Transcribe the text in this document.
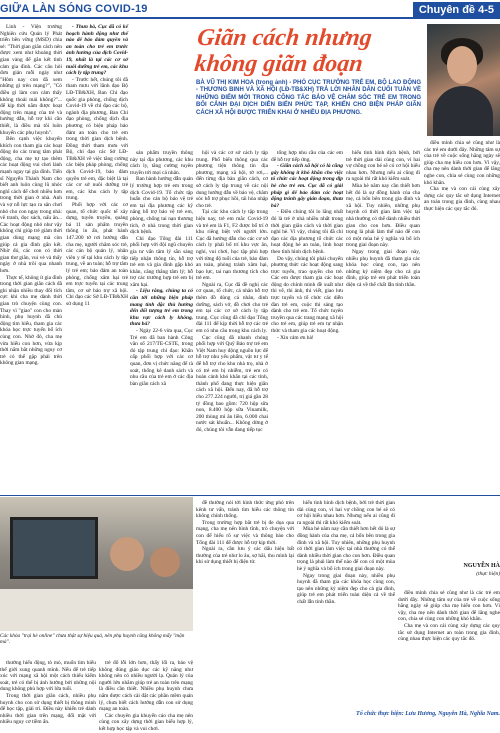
GIỮA LÀN SÓNG COVID-19	Chuyên đề 4-5

Linh - Viện trưởng Nghiên cứu Quản lý Phát triển bền vững (MSD) chia sẻ: "Thời gian giãn cách nên được xem như khoảng thời gian vàng để gắn kết tình cảm gia đình. Các câu hỏi đơn giản mỗi ngày như "Hôm nay con đã xem những gì trên mạng?", "Có điều gì làm con cảm thấy không thoải mái không?"... để kịp thời nắm được hoạt động trên mạng của trẻ và hướng dẫn, hỗ trợ khi cần thiết, là điều mà tôi luôn khuyến các phụ huynh".

Bên cạnh việc khuyến khích con tham gia các hoạt động do các trung tâm phát động, cha mẹ tự tạo thêm các hoạt động vui chơi lành mạnh ngay tại gia đình. Tiến sĩ Nguyễn Thành Nam cho biết anh luôn cùng lũ nhóc nghĩ cách để chơi nhiều hơn trong thời gian ở nhà. Anh và vợ nỗ lực tạo ra sân chơi nhỏ cho con ngay trong nhà: vẽ tranh, đọc sách, nấu ăn... Các hoạt động nhỏ như vậy không chỉ giúp trẻ giảm thời gian dùng mạng mà còn giúp cả gia đình gắn kết. Nhờ đó, các con có thời gian thư giãn, vui vẻ và thấy ngày ở nhà trôi qua nhanh hơn.

Thực tế, không ít gia đình trong thời gian giãn cách đã ghi nhận nhiều thay đổi tích cực khi cha mẹ dành thời gian trò chuyện cùng con. Thay vì "giao" con cho màn hình, phụ huynh đã chủ động tìm hiểu, tham gia các khóa học trực tuyến bổ ích cùng con. Nhờ đó, cha mẹ vừa hiểu con hơn, vừa kịp thời nắm bắt những nguy cơ trẻ có thể gặp phải trên không gian mạng.

- Thưa bà, Cục đã có kế hoạch hành động như thế nào để bảo đảm quyền và an toàn cho trẻ em trước ảnh hưởng của dịch Covid-19, nhất là tại các cơ sở nuôi dưỡng trẻ em, các khu cách ly tập trung?

- Trước hết, chúng tôi đã tham mưu với lãnh đạo Bộ LĐ-TB&XH, Ban Chỉ đạo quốc gia phòng, chống dịch Covid-19 về chỉ đạo các bộ, ngành địa phương, Ban Chỉ đạo phòng, chống dịch địa phương có biện pháp bảo đảm an toàn cho trẻ em trong thời gian dịch bệnh. Đồng thời tham mưu với Bộ, chỉ đạo các Sở LĐ-TB&XH về việc tăng cường các biện pháp phòng, chống dịch Covid-19, bảo đảm quyền trẻ em, đặc biệt là tại các cơ sở nuôi dưỡng trẻ em, các khu cách ly tập trung.

Phối hợp với các cơ quan, tổ chức quốc tế xây dựng, tuyên truyền, quảng bá 11 sản phẩm truyền thông in ấn, phát hành 147.200 tờ rơi hướng dẫn cha mẹ, người chăm sóc trẻ, các cán bộ quản lý, nhân viên y tế tại khu cách ly tập trung, về an toàn; hỗ trợ tâm lý trẻ em; bảo đảm an toàn phòng, chống xâm hại trẻ em trực tuyến tại các trung tâm, cơ sở bảo trợ xã hội. Chỉ đạo các Sở LĐ-TB&XH sử dụng 11

Giãn cách nhưng không giãn đoạn
BÀ VŨ THỊ KIM HOA (trong ảnh) - PHÓ CỤC TRƯỞNG TRẺ EM, BỘ LAO ĐỘNG - THƯƠNG BINH VÀ XÃ HỘI (LĐ-TB&XH) TRẢ LỜI NHÂN DÂN CUỐI TUẦN VỀ NHỮNG ĐIỂM MỚI TRONG CÔNG TÁC BẢO VỆ CHĂM SÓC TRẺ EM TRONG BỐI CẢNH ĐẠI DỊCH DIỄN BIẾN PHỨC TẠP, KHIẾN CHO BIỆN PHÁP GIÃN CÁCH XÃ HỘI ĐƯỢC TRIỂN KHAI Ở NHIỀU ĐỊA PHƯƠNG.

sản phẩm truyền thông này tại địa phương, các khu cách ly, tăng cường tuyên truyền tới mọi cá nhân.

Ban hành hướng dẫn quản lý trường hợp trẻ em trong dịch Covid-19. Tổ chức tập huấn cho cán bộ bảo vệ trẻ em tại địa phương các kỹ năng hỗ trợ bảo vệ trẻ em, phòng, chống tai nạn thương tích, ở nhà trong thời gian dịch bệnh.

Chỉ đạo Tổng đài 111 phối hợp với đội ngũ chuyên gia tư vấn tâm lý sẵn sàng tiếp nhận thông tin, hỗ trợ trẻ em và gia đình gặp khó khăn, căng thẳng tâm lý; hỗ trợ các trường hợp trẻ em bị xâm hại.

- Liệu rằng, chúng ta có cần tới những biện pháp mang tính đặc thù hướng đến đối tượng trẻ em trong khu vực cách ly không, thưa bà?

- Ngày 22-6 vừa qua, Cục Trẻ em đã ban hành Công văn số 217/TE-CSTE, trong đó tập trung chỉ đạo: Khẩn cấp phối hợp với các cơ quan, đơn vị chức năng để rà soát, thống kê danh sách và nhu cầu của trẻ em ở các địa bàn giãn cách xã

hội và các cơ sở cách ly tập trung. Phổ biến thông qua các phương tiện thông tin địa phương, mạng xã hội, tờ rơi,... đến từng địa bàn giãn cách, cơ sở cách ly tập trung về các nội dung hướng dẫn về bảo vệ, chăm sóc hỗ trợ phục hồi, tái hòa nhập cho trẻ.

Tại các khu cách ly tập trung hiện nay, trẻ em mắc Covid-19 và trẻ em là F1, F2 được bố trí ở khu riêng biệt với người lớn. Cục đã hướng dẫn cho các cơ sở cách ly phải bố trí khu vực ăn, nghỉ, vui chơi, học tập phù hợp với từng độ tuổi của trẻ, bảo đảm an toàn, phòng tránh xâm hại, bạo lực, tai nạn thương tích cho trẻ em.

Ngoài ra, Cục đã đề nghị các cơ quan, tổ chức, cá nhân hỗ trợ thêm đồ dùng cá nhân, dinh dưỡng, sách vở, đồ chơi cho trẻ em tại các cơ sở cách ly tập trung. Cục cũng đã chỉ đạo Tổng đài 111 để kịp thời hỗ trợ các trẻ em có nhu cầu trong khu cách ly.

Cục cũng đã nhanh chóng phối hợp với Quỹ Bảo trợ trẻ em Việt Nam huy động nguồn lực để hỗ trợ nhu yếu phẩm, vật tư y tế để hỗ trợ cho khu nhà trọ, nhà ở có trẻ em bị nhiễm, trẻ em có hoàn cảnh khó khăn tại các tỉnh, thành phố đang thực hiện giãn cách xã hội. Đến nay, đã hỗ trợ cho 277.224 người, trị giá gần 28 tỷ đồng bao gồm: 720 hộp sữa non, 8.400 hộp sữa Vinamilk, 200 thùng mì ăn liền, 6.000 chai nước sát khuẩn... Không dừng ở đó, chúng tôi vẫn đang tiếp tục

tổng hợp nhu cầu của các em để hỗ trợ tiếp ứng.

- Giãn cách xã hội có là cũng gây không ít khó khăn cho việc tổ chức các hoạt động trong dịp hè cho trẻ em. Cục đã có giải pháp gì để bảo đảm các hoạt động tránh gây gián đoạn, thưa bà?

- Điều chúng tôi lo lắng nhất đó là trẻ ở nhà nhiều nhất trong thời gian giãn cách và thời gian nghỉ hè. Vì vậy, chúng tôi đã chỉ đạo các địa phương tổ chức các hoạt động hè an toàn, linh hoạt theo tình hình dịch bệnh.

Do vậy, chúng tôi phải chuyển phương thức các hoạt động sang trực tuyến, trao quyền cho trẻ. Các em được tham gia các hoạt động do chính mình đề xuất như thi vẽ, thi ảnh, thi viết, giao lưu trực tuyến và tổ chức các diễn đàn trẻ em, cuộc thi sáng tạo dành cho trẻ em. Tổ chức tuyên truyền qua các trang mạng xã hội cho trẻ em, giúp trẻ em tự nhận thức và tham gia các hoạt động.

- Xin cảm ơn bà!

hiểu tình hình dịch bệnh, bởi trẻ thời gian dài cùng con, vì hai vợ chồng con bé sẽ có cơ hội hiểu nhau hơn. Nhưng nếu ai cũng đi ra ngoài thì rất khó kiểm soát.

Mùa hè năm nay cần thiết hơn hết đó là sự đồng hành của cha mẹ, cả bốn bên trong gia đình và xã hội. Tuy nhiên, những phụ huynh có thời gian làm việc tại nhà thường có thể dành nhiều thời gian cho con hơn. Điều quan trọng là phải làm thế nào để con có một mùa hè ý nghĩa và bổ ích trong giai đoạn này.

Ngay trong giai đoạn này, nhiều phụ huynh đã tham gia các khóa học cùng con, tạo nên những kỷ niệm đẹp cho cả gia đình, giúp trẻ em phát triển toàn diện cả về thể chất lẫn tinh thần.

điều mình chia sẻ cũng như là các trẻ em dưới đây. Những tâm sự của trẻ về cuộc sống hằng ngày sẽ giúp cha mẹ hiểu con hơn. Vì vậy, cha mẹ nên dành thời gian để lắng nghe con, chia sẻ cùng con những khó khăn.

Cha mẹ và con cái cùng xây dựng các quy tắc sử dụng Internet an toàn trong gia đình, cùng nhau thực hiện các quy tắc đó.

NGUYỄN HÀ
(thực hiện)
Các khóa "trại hè online" chưa thật sự hiệu quả, nên phụ huynh cũng không mấy "mặn mà".

thường hiểu động, tò mò, muốn tìm hiểu thế giới xung quanh mình. Nếu để trẻ tiếp xúc với mạng xã hội một cách thiếu kiểm soát, trẻ có thể bị ảnh hưởng bởi những nội dung không phù hợp với lứa tuổi.

Trong thời gian giãn cách, nhiều phụ huynh cho con sử dụng thiết bị thông minh để học tập, giải trí. Điều này khiến trẻ dành nhiều thời gian trên mạng, đối mặt với nhiều nguy cơ tiềm ẩn.

trẻ đổ lỗi lớn hơn, thấy lối ra, bảo vệ không đúng giáo dục các kỹ năng như không nên có nhiều người lạ. Quản lý của người lớn nhằm giúp trẻ an toàn trên mạng là điều cần thiết. Nhiều phụ huynh chưa nắm được cách cài đặt các phần mềm quản lý, chưa biết cách hướng dẫn con sử dụng mạng an toàn.

Các chuyên gia khuyến cáo cha mẹ nên cùng con xây dựng thời gian biểu hợp lý, kết hợp học tập và vui chơi.

đề thường nói tới hình thức ứng phó trên kênh tư vấn, tránh tìm hiểu các thông tin không chính thống.

Trong trường hợp bắt trẻ bị đe dọa qua mạng, cha mẹ nên bình tĩnh, trò chuyện với con để hiểu rõ sự việc và thông báo cho Tổng đài 111 để được hỗ trợ kịp thời.

Ngoài ra, cần lưu ý các dấu hiệu bất thường của trẻ như lo âu, sợ hãi, thu mình lại khi sử dụng thiết bị điện tử.

hiểu tình hình dịch bệnh, bởi trẻ thời gian dài cùng con, vì hai vợ chồng con bé sẽ có cơ hội hiểu nhau hơn. Nhưng nếu ai cũng đi ra ngoài thì rất khó kiểm soát.

Mùa hè năm nay cần thiết hơn hết đó là sự đồng hành của cha mẹ, cả bốn bên trong gia đình và xã hội. Tuy nhiên, những phụ huynh có thời gian làm việc tại nhà thường có thể dành nhiều thời gian cho con hơn. Điều quan trọng là phải làm thế nào để con có một mùa hè ý nghĩa và bổ ích trong giai đoạn này.

Ngay trong giai đoạn này, nhiều phụ huynh đã tham gia các khóa học cùng con, tạo nên những kỷ niệm đẹp cho cả gia đình, giúp trẻ em phát triển toàn diện cả về thể chất lẫn tinh thần.

điều mình chia sẻ cũng như là các trẻ em dưới đây. Những tâm sự của trẻ về cuộc sống hằng ngày sẽ giúp cha mẹ hiểu con hơn. Vì vậy, cha mẹ nên dành thời gian để lắng nghe con, chia sẻ cùng con những khó khăn.

Cha mẹ và con cái cùng xây dựng các quy tắc sử dụng Internet an toàn trong gia đình, cùng nhau thực hiện các quy tắc đó.

Tổ chức thực hiện: Lưu Hương, Nguyễn Hà, Nghĩa Nam.
